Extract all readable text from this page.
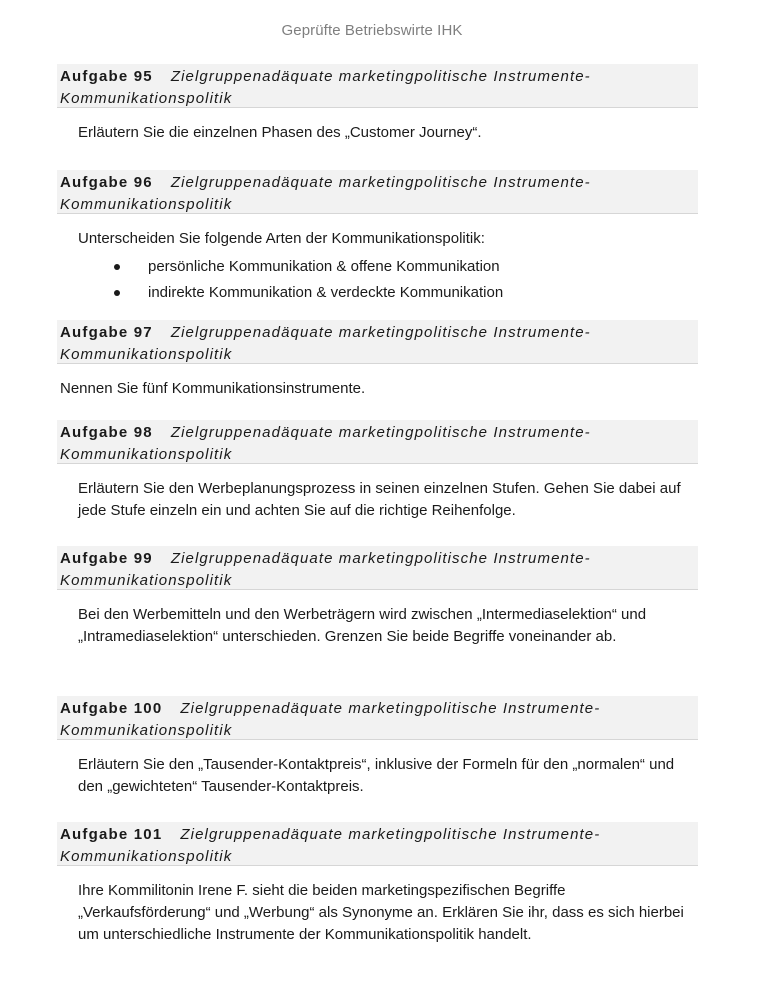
Geprüfte Betriebswirte IHK
Aufgabe 95 Zielgruppenadäquate marketingpolitische Instrumente-Kommunikationspolitik

Erläutern Sie die einzelnen Phasen des „Customer Journey“.

Aufgabe 96 Zielgruppenadäquate marketingpolitische Instrumente-Kommunikationspolitik

Unterscheiden Sie folgende Arten der Kommunikationspolitik:

persönliche Kommunikation & offene Kommunikation
indirekte Kommunikation & verdeckte Kommunikation
Aufgabe 97 Zielgruppenadäquate marketingpolitische Instrumente-Kommunikationspolitik

Nennen Sie fünf Kommunikationsinstrumente.

Aufgabe 98 Zielgruppenadäquate marketingpolitische Instrumente-Kommunikationspolitik

Erläutern Sie den Werbeplanungsprozess in seinen einzelnen Stufen. Gehen Sie dabei auf jede Stufe einzeln ein und achten Sie auf die richtige Reihenfolge.

Aufgabe 99 Zielgruppenadäquate marketingpolitische Instrumente-Kommunikationspolitik

Bei den Werbemitteln und den Werbeträgern wird zwischen „Intermediaselektion“ und „Intramediaselektion“ unterschieden. Grenzen Sie beide Begriffe voneinander ab.

Aufgabe 100 Zielgruppenadäquate marketingpolitische Instrumente-Kommunikationspolitik

Erläutern Sie den „Tausender-Kontaktpreis“, inklusive der Formeln für den „normalen“ und den „gewichteten“ Tausender-Kontaktpreis.

Aufgabe 101 Zielgruppenadäquate marketingpolitische Instrumente-Kommunikationspolitik

Ihre Kommilitonin Irene F. sieht die beiden marketingspezifischen Begriffe „Verkaufsförderung“ und „Werbung“ als Synonyme an. Erklären Sie ihr, dass es sich hierbei um unterschiedliche Instrumente der Kommunikationspolitik handelt.
